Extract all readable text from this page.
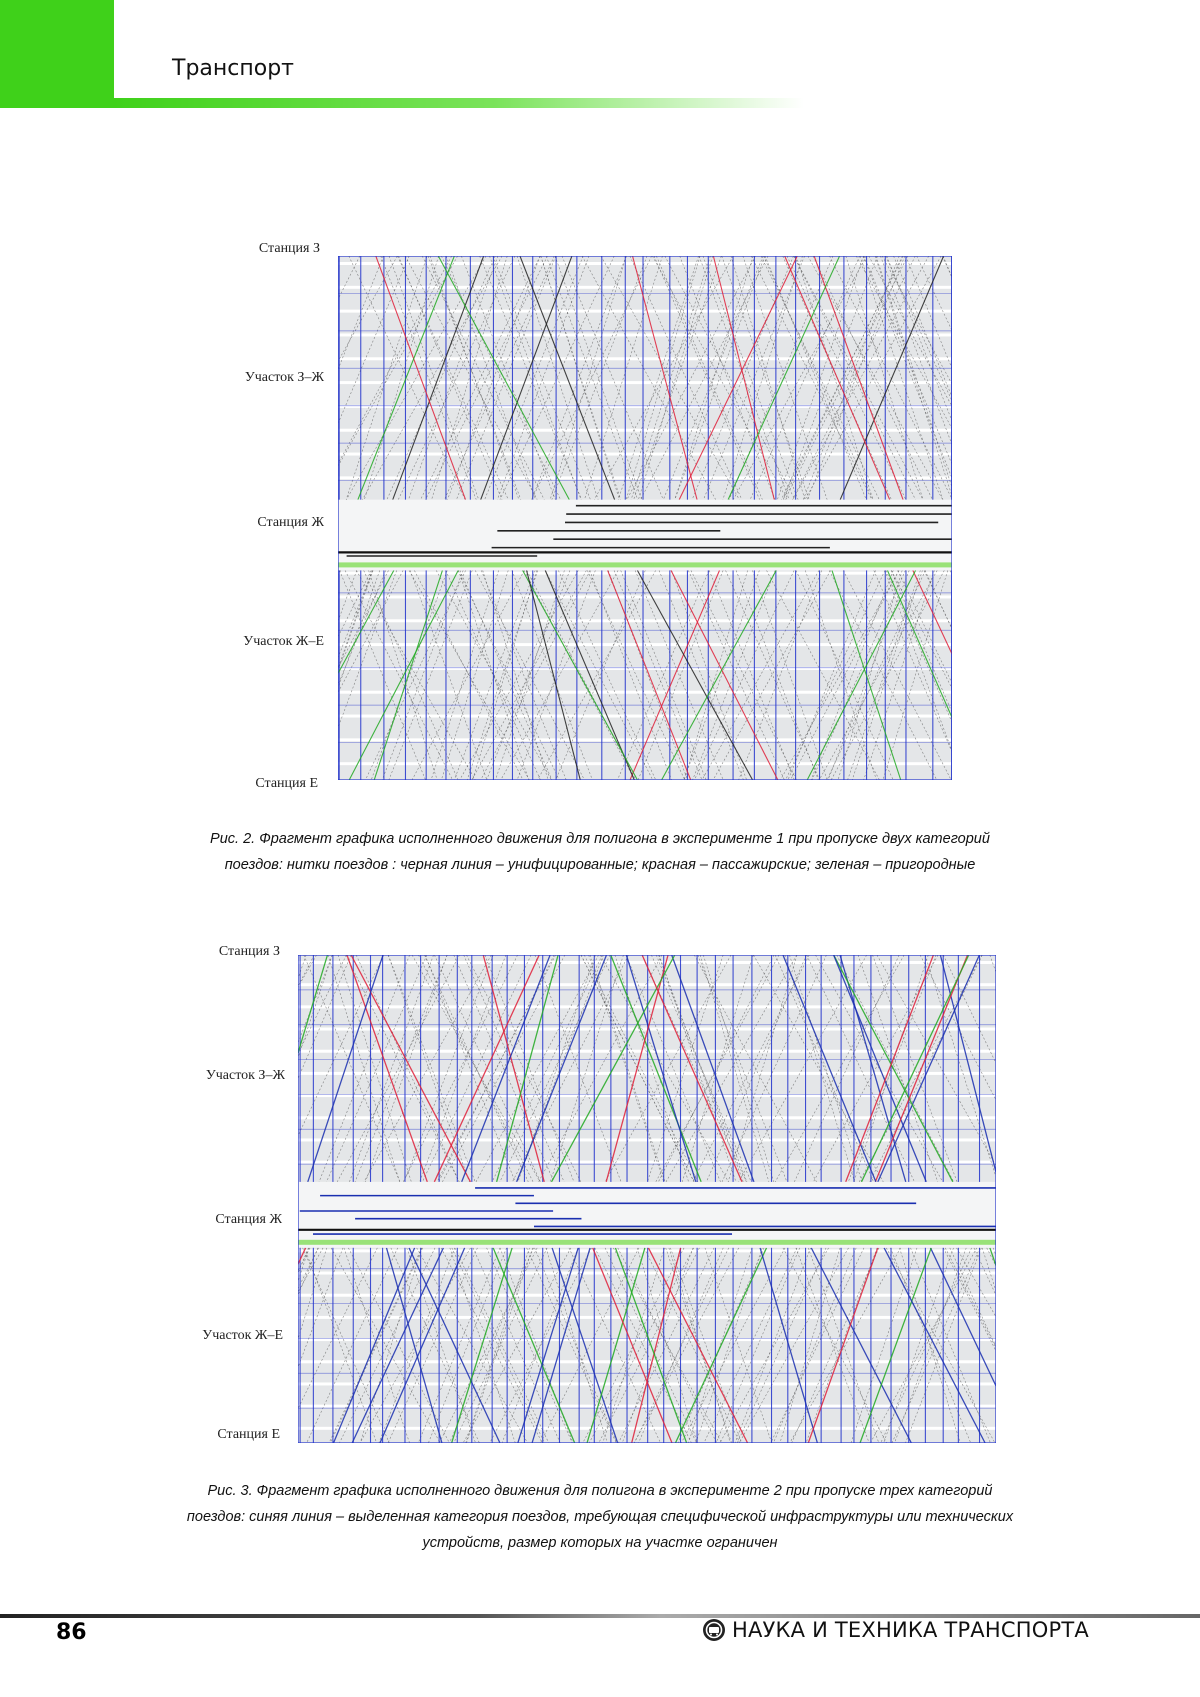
Транспорт
Станция З
Участок З–Ж
Станция Ж
Участок Ж–Е
Станция Е
Рис. 2. Фрагмент графика исполненного движения для полигона в эксперименте 1 при пропуске двух категорий
поездов: нитки поездов : черная линия – унифицированные; красная – пассажирские; зеленая – пригородные
Станция З
Участок З–Ж
Станция Ж
Участок Ж–Е
Станция Е
Рис. 3. Фрагмент графика исполненного движения для полигона в эксперименте 2 при пропуске трех категорий
поездов: синяя линия – выделенная категория поездов, требующая специфической инфраструктуры или технических
устройств, размер которых на участке ограничен
86	НАУКА И ТЕХНИКА ТРАНСПОРТА
